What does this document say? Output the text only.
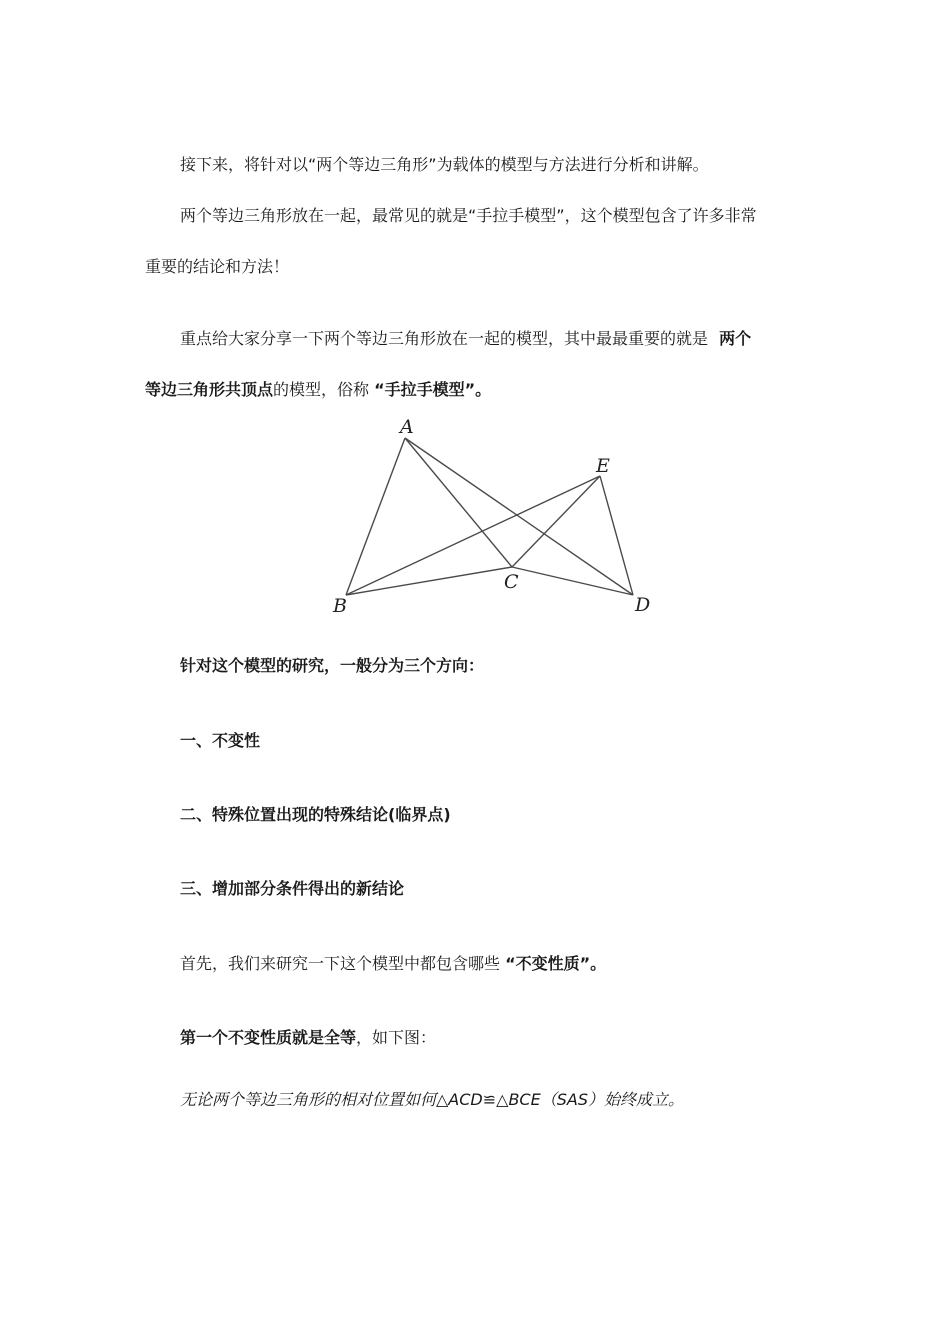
接下来，将针对以“两个等边三角形”为载体的模型与方法进行分析和讲解。
两个等边三角形放在一起，最常见的就是“手拉手模型”，这个模型包含了许多非常
重要的结论和方法！
重点给大家分享一下两个等边三角形放在一起的模型，其中最最重要的就是 两个
等边三角形共顶点的模型，俗称 “手拉手模型”。
A
B
C
D
E
针对这个模型的研究，一般分为三个方向：
一、不变性
二、特殊位置出现的特殊结论(临界点)
三、增加部分条件得出的新结论
首先，我们来研究一下这个模型中都包含哪些 “不变性质”。
第一个不变性质就是全等，如下图：
无论两个等边三角形的相对位置如何△ACD≌△BCE（SAS）始终成立。
